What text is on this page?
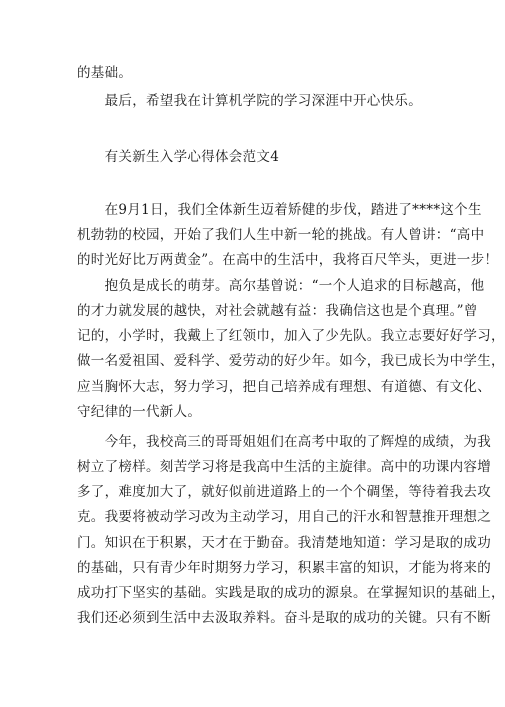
的基础。
　　最后，希望我在计算机学院的学习深涯中开心快乐。
　　有关新生入学心得体会范文4
　　在9月1日，我们全体新生迈着矫健的步伐，踏进了****这个生
机勃勃的校园，开始了我们人生中新一轮的挑战。有人曾讲：“高中
的时光好比万两黄金”。在高中的生活中，我将百尺竿头，更进一步！
　　抱负是成长的萌芽。高尔基曾说：“一个人追求的目标越高，他
的才力就发展的越快，对社会就越有益：我确信这也是个真理。”曾
记的，小学时，我戴上了红领巾，加入了少先队。我立志要好好学习，
做一名爱祖国、爱科学、爱劳动的好少年。如今，我已成长为中学生，
应当胸怀大志，努力学习，把自己培养成有理想、有道德、有文化、
守纪律的一代新人。
　　今年，我校高三的哥哥姐姐们在高考中取的了辉煌的成绩，为我
树立了榜样。刻苦学习将是我高中生活的主旋律。高中的功课内容增
多了，难度加大了，就好似前进道路上的一个个碉堡，等待着我去攻
克。我要将被动学习改为主动学习，用自己的汗水和智慧推开理想之
门。知识在于积累，天才在于勤奋。我清楚地知道：学习是取的成功
的基础，只有青少年时期努力学习，积累丰富的知识，才能为将来的
成功打下坚实的基础。实践是取的成功的源泉。在掌握知识的基础上，
我们还必须到生活中去汲取养料。奋斗是取的成功的关键。只有不断
